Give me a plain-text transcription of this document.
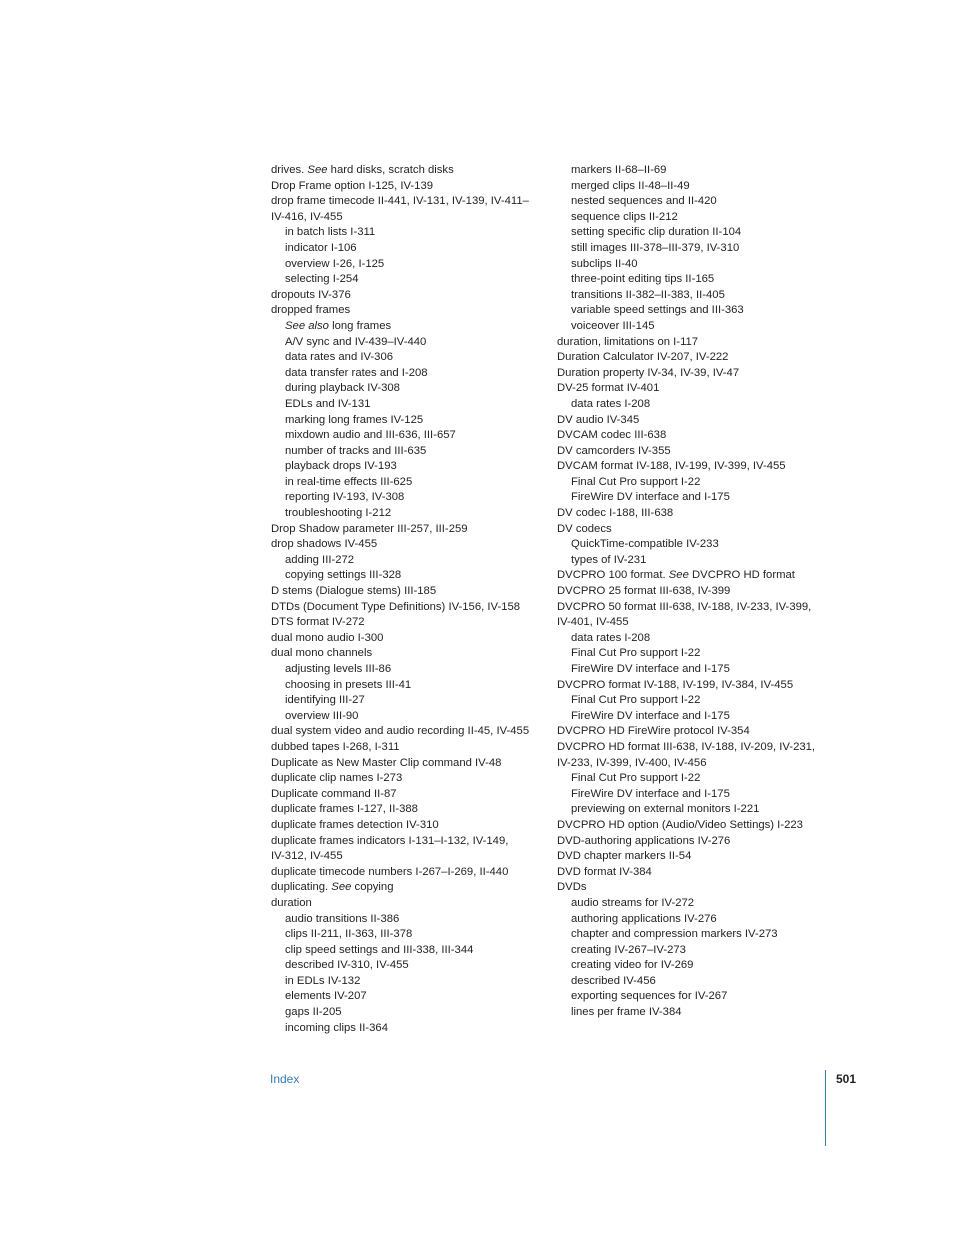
drives. See hard disks, scratch disks
Drop Frame option I-125, IV-139
drop frame timecode II-441, IV-131, IV-139, IV-411–
IV-416, IV-455
in batch lists I-311
indicator I-106
overview I-26, I-125
selecting I-254
dropouts IV-376
dropped frames
See also long frames
A/V sync and IV-439–IV-440
data rates and IV-306
data transfer rates and I-208
during playback IV-308
EDLs and IV-131
marking long frames IV-125
mixdown audio and III-636, III-657
number of tracks and III-635
playback drops IV-193
in real-time effects III-625
reporting IV-193, IV-308
troubleshooting I-212
Drop Shadow parameter III-257, III-259
drop shadows IV-455
adding III-272
copying settings III-328
D stems (Dialogue stems) III-185
DTDs (Document Type Definitions) IV-156, IV-158
DTS format IV-272
dual mono audio I-300
dual mono channels
adjusting levels III-86
choosing in presets III-41
identifying III-27
overview III-90
dual system video and audio recording II-45, IV-455
dubbed tapes I-268, I-311
Duplicate as New Master Clip command IV-48
duplicate clip names I-273
Duplicate command II-87
duplicate frames I-127, II-388
duplicate frames detection IV-310
duplicate frames indicators I-131–I-132, IV-149,
IV-312, IV-455
duplicate timecode numbers I-267–I-269, II-440
duplicating. See copying
duration
audio transitions II-386
clips II-211, II-363, III-378
clip speed settings and III-338, III-344
described IV-310, IV-455
in EDLs IV-132
elements IV-207
gaps II-205
incoming clips II-364
markers II-68–II-69
merged clips II-48–II-49
nested sequences and II-420
sequence clips II-212
setting specific clip duration II-104
still images III-378–III-379, IV-310
subclips II-40
three-point editing tips II-165
transitions II-382–II-383, II-405
variable speed settings and III-363
voiceover III-145
duration, limitations on I-117
Duration Calculator IV-207, IV-222
Duration property IV-34, IV-39, IV-47
DV-25 format IV-401
data rates I-208
DV audio IV-345
DVCAM codec III-638
DV camcorders IV-355
DVCAM format IV-188, IV-199, IV-399, IV-455
Final Cut Pro support I-22
FireWire DV interface and I-175
DV codec I-188, III-638
DV codecs
QuickTime-compatible IV-233
types of IV-231
DVCPRO 100 format. See DVCPRO HD format
DVCPRO 25 format III-638, IV-399
DVCPRO 50 format III-638, IV-188, IV-233, IV-399,
IV-401, IV-455
data rates I-208
Final Cut Pro support I-22
FireWire DV interface and I-175
DVCPRO format IV-188, IV-199, IV-384, IV-455
Final Cut Pro support I-22
FireWire DV interface and I-175
DVCPRO HD FireWire protocol IV-354
DVCPRO HD format III-638, IV-188, IV-209, IV-231,
IV-233, IV-399, IV-400, IV-456
Final Cut Pro support I-22
FireWire DV interface and I-175
previewing on external monitors I-221
DVCPRO HD option (Audio/Video Settings) I-223
DVD-authoring applications IV-276
DVD chapter markers II-54
DVD format IV-384
DVDs
audio streams for IV-272
authoring applications IV-276
chapter and compression markers IV-273
creating IV-267–IV-273
creating video for IV-269
described IV-456
exporting sequences for IV-267
lines per frame IV-384
Index	501
